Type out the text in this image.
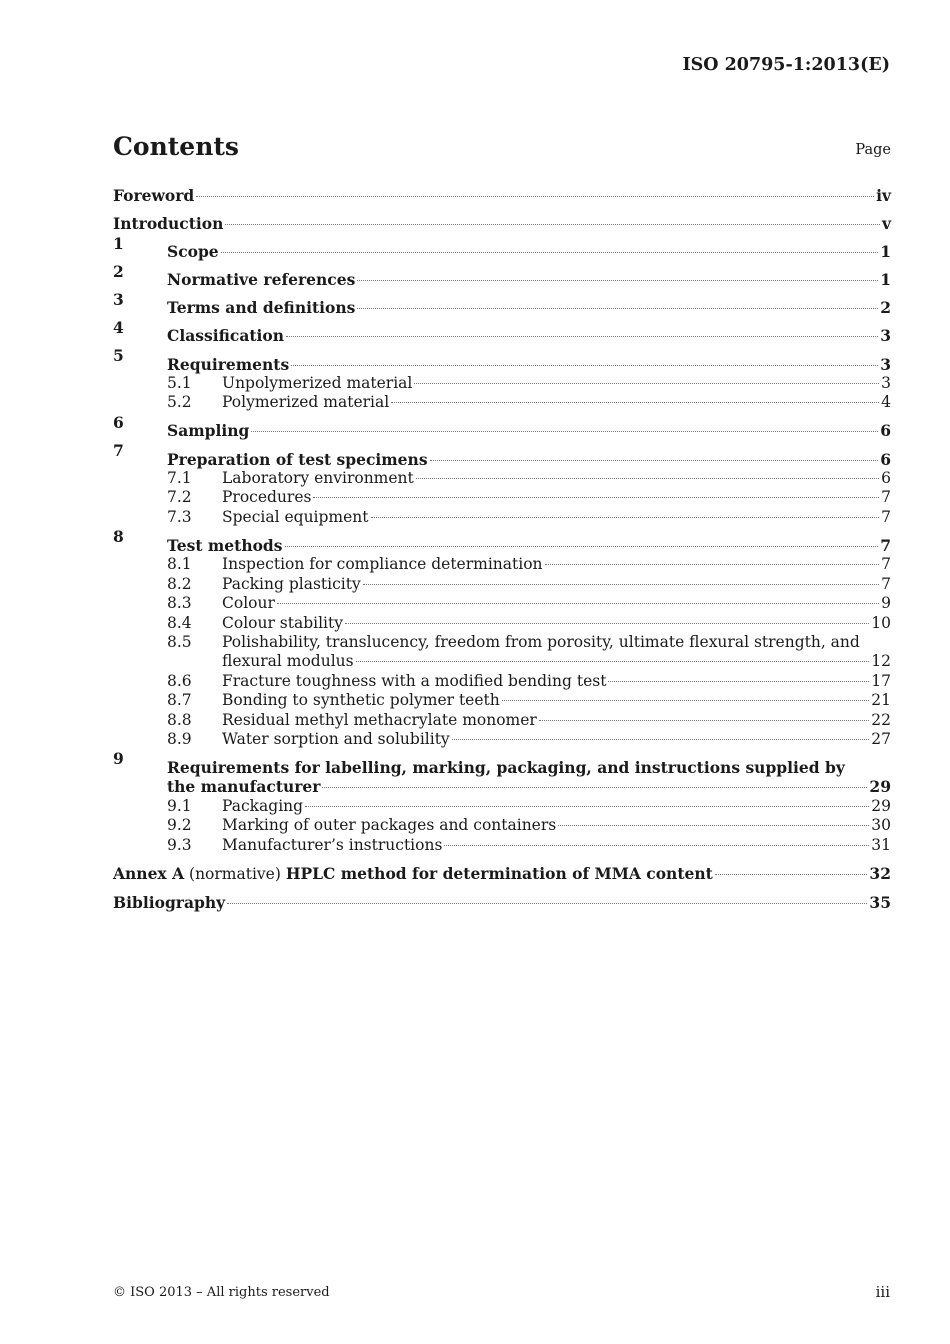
ISO 20795-1:2013(E)
Contents	Page
Foreword	iv
Introduction	v
1	Scope	1
2	Normative references	1
3	Terms and definitions	2
4	Classification	3
5	Requirements	3
5.1 Unpolymerized material	3
5.2 Polymerized material	4
6	Sampling	6
7	Preparation of test specimens	6
7.1 Laboratory environment	6
7.2 Procedures	7
7.3 Special equipment	7
8	Test methods	7
8.1 Inspection for compliance determination	7
8.2 Packing plasticity	7
8.3 Colour	9
8.4 Colour stability	10
8.5 Polishability, translucency, freedom from porosity, ultimate flexural strength, and
flexural modulus	12
8.6 Fracture toughness with a modified bending test	17
8.7 Bonding to synthetic polymer teeth	21
8.8 Residual methyl methacrylate monomer	22
8.9 Water sorption and solubility	27
9	Requirements for labelling, marking, packaging, and instructions supplied by
the manufacturer	29
9.1 Packaging	29
9.2 Marking of outer packages and containers	30
9.3 Manufacturer’s instructions	31
Annex A (normative) HPLC method for determination of MMA content	32
Bibliography	35
© ISO 2013 – All rights reserved	iii
